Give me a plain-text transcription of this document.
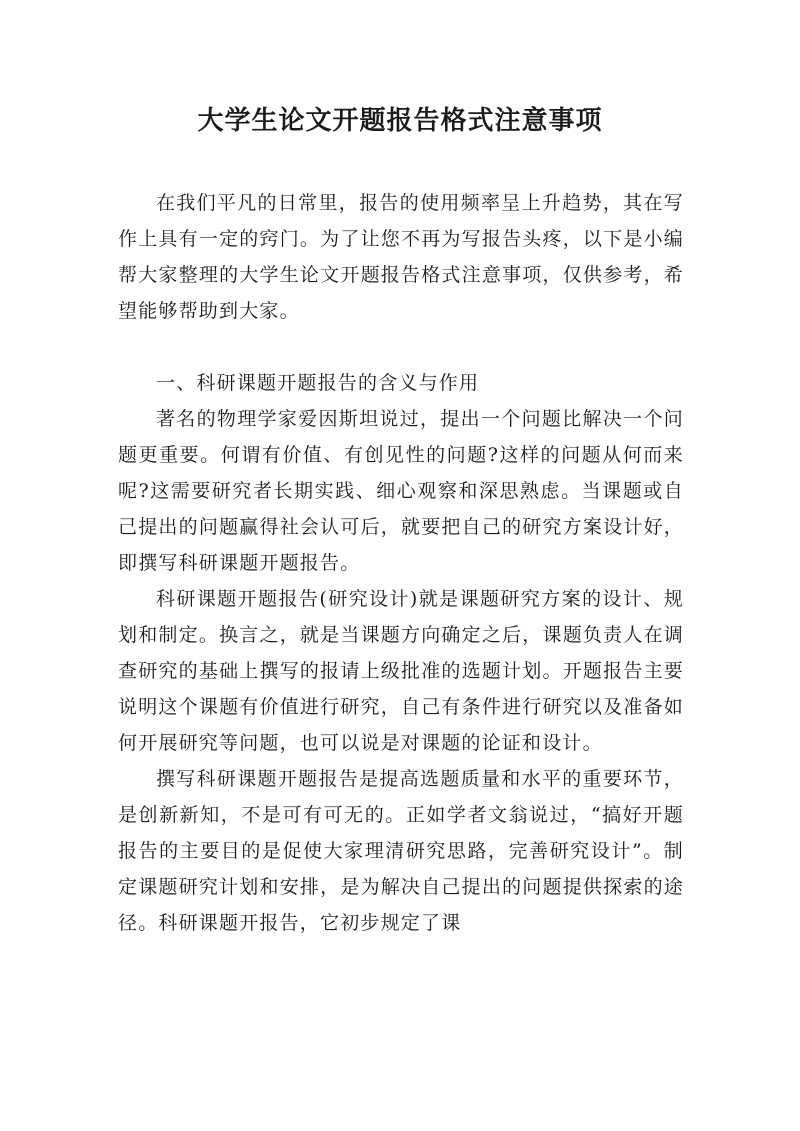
大学生论文开题报告格式注意事项

在我们平凡的日常里，报告的使用频率呈上升趋势，其在写作上具有一定的窍门。为了让您不再为写报告头疼，以下是小编帮大家整理的大学生论文开题报告格式注意事项，仅供参考，希望能够帮助到大家。

一、科研课题开题报告的含义与作用

著名的物理学家爱因斯坦说过，提出一个问题比解决一个问题更重要。何谓有价值、有创见性的问题?这样的问题从何而来呢?这需要研究者长期实践、细心观察和深思熟虑。当课题或自己提出的问题赢得社会认可后，就要把自己的研究方案设计好，即撰写科研课题开题报告。

科研课题开题报告(研究设计)就是课题研究方案的设计、规划和制定。换言之，就是当课题方向确定之后，课题负责人在调查研究的基础上撰写的报请上级批准的选题计划。开题报告主要说明这个课题有价值进行研究，自己有条件进行研究以及准备如何开展研究等问题，也可以说是对课题的论证和设计。

撰写科研课题开题报告是提高选题质量和水平的重要环节，是创新新知，不是可有可无的。正如学者文翁说过，“搞好开题报告的主要目的是促使大家理清研究思路，完善研究设计”。制定课题研究计划和安排，是为解决自己提出的问题提供探索的途径。科研课题开报告，它初步规定了课
